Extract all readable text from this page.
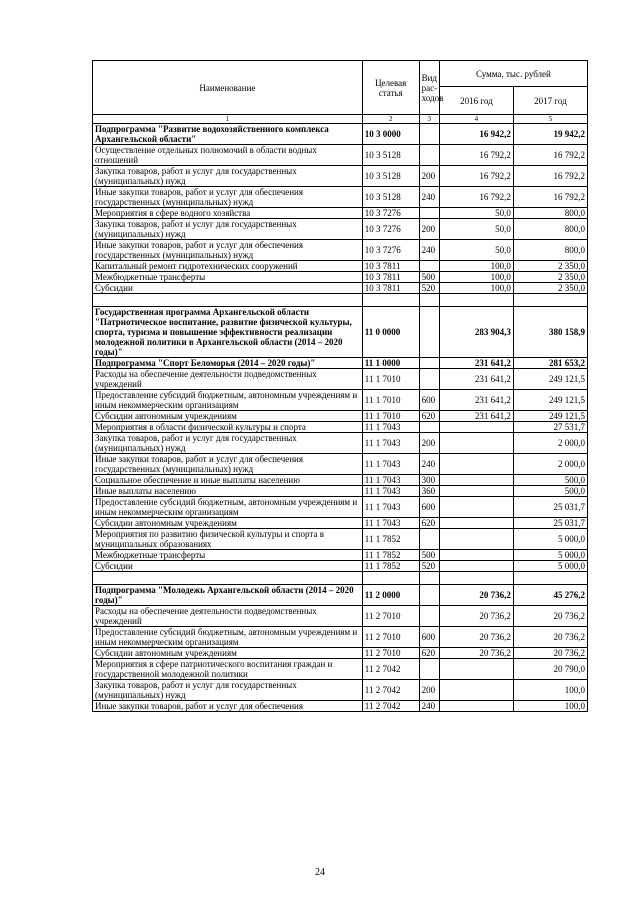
Наименование	Целевая статья	Вид рас-ходов	Сумма, тыс. рублей	
			2016 год	2017 год
1	2	3	4	5
Подпрограмма "Развитие водохозяйственного комплекса Архангельской области"	10 3 0000		16 942,2	19 942,2
Осуществление отдельных полномочий в области водных отношений	10 3 5128		16 792,2	16 792,2
Закупка товаров, работ и услуг для государственных (муниципальных) нужд	10 3 5128	200	16 792,2	16 792,2
Иные закупки товаров, работ и услуг для обеспечения государственных (муниципальных) нужд	10 3 5128	240	16 792,2	16 792,2
Мероприятия в сфере водного хозяйства	10 3 7276		50,0	800,0
Закупка товаров, работ и услуг для государственных (муниципальных) нужд	10 3 7276	200	50,0	800,0
Иные закупки товаров, работ и услуг для обеспечения государственных (муниципальных) нужд	10 3 7276	240	50,0	800,0
Капитальный ремонт гидротехнических сооружений	10 3 7811		100,0	2 350,0
Межбюджетные трансферты	10 3 7811	500	100,0	2 350,0
Субсидии	10 3 7811	520	100,0	2 350,0

Государственная программа Архангельской области "Патриотическое воспитание, развитие физической культуры, спорта, туризма и повышение эффективности реализации молодежной политики в Архангельской области (2014 – 2020 годы)"	11 0 0000		283 904,3	380 158,9
Подпрограмма "Спорт Беломорья (2014 – 2020 годы)"	11 1 0000		231 641,2	281 653,2
Расходы на обеспечение деятельности подведомственных учреждений	11 1 7010		231 641,2	249 121,5
Предоставление субсидий бюджетным, автономным учреждениям и иным некоммерческим организациям	11 1 7010	600	231 641,2	249 121,5
Субсидии автономным учреждениям	11 1 7010	620	231 641,2	249 121,5
Мероприятия в области физической культуры и спорта	11 1 7043			27 531,7
Закупка товаров, работ и услуг для государственных (муниципальных) нужд	11 1 7043	200		2 000,0
Иные закупки товаров, работ и услуг для обеспечения государственных (муниципальных) нужд	11 1 7043	240		2 000,0
Социальное обеспечение и иные выплаты населению	11 1 7043	300		500,0
Иные выплаты населению	11 1 7043	360		500,0
Предоставление субсидий бюджетным, автономным учреждениям и иным некоммерческим организациям	11 1 7043	600		25 031,7
Субсидии автономным учреждениям	11 1 7043	620		25 031,7
Мероприятия по развитию физической культуры и спорта в муниципальных образованиях	11 1 7852			5 000,0
Межбюджетные трансферты	11 1 7852	500		5 000,0
Субсидии	11 1 7852	520		5 000,0

Подпрограмма "Молодежь Архангельской области (2014 – 2020 годы)"	11 2 0000		20 736,2	45 276,2
Расходы на обеспечение деятельности подведомственных учреждений	11 2 7010		20 736,2	20 736,2
Предоставление субсидий бюджетным, автономным учреждениям и иным некоммерческим организациям	11 2 7010	600	20 736,2	20 736,2
Субсидии автономным учреждениям	11 2 7010	620	20 736,2	20 736,2
Мероприятия в сфере патриотического воспитания граждан и государственной молодежной политики	11 2 7042			20 790,0
Закупка товаров, работ и услуг для государственных (муниципальных) нужд	11 2 7042	200		100,0
Иные закупки товаров, работ и услуг для обеспечения	11 2 7042	240		100,0
24
